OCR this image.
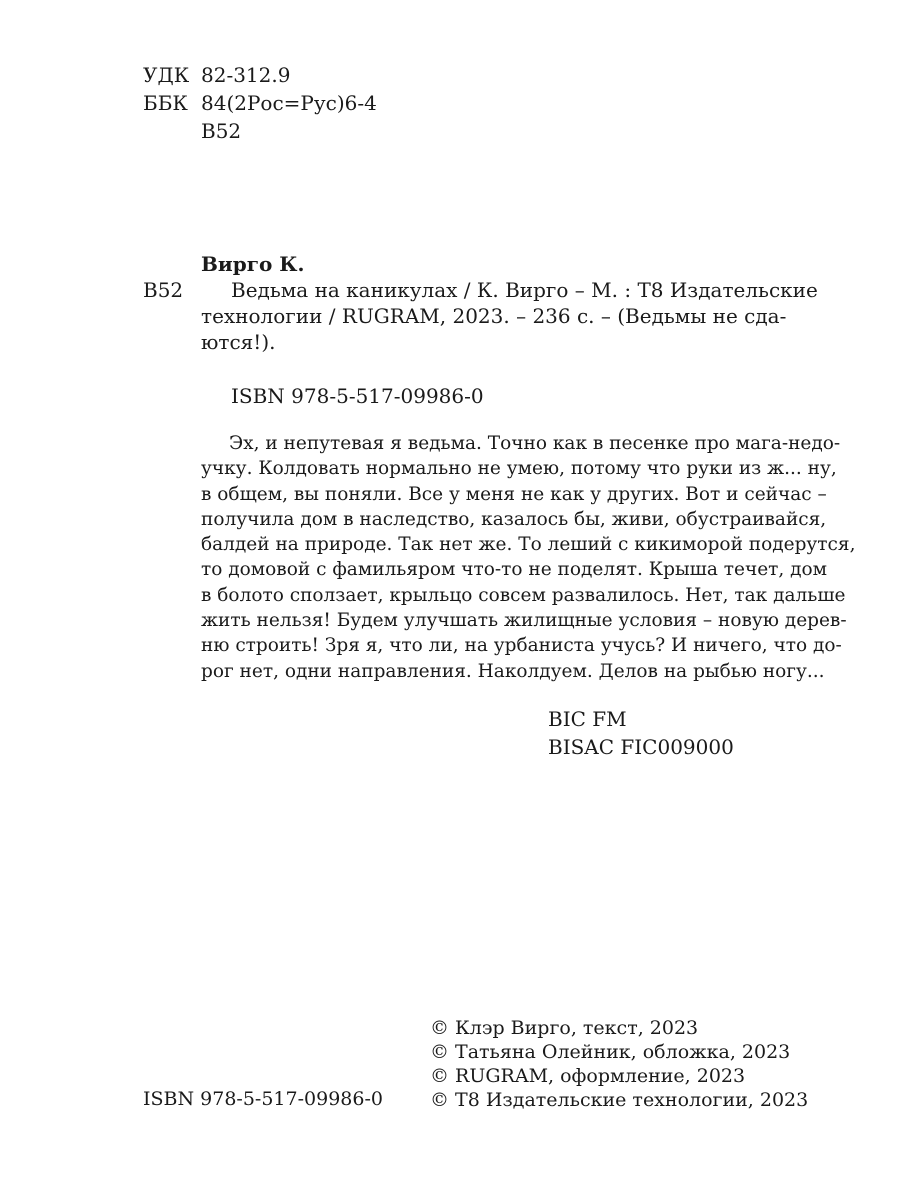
УДК 82-312.9
ББК 84(2Рос=Рус)6-4
В52
Вирго К.
В52 Ведьма на каникулах / К. Вирго – М. : Т8 Издательские
технологии / RUGRAM, 2023. – 236 с. – (Ведьмы не сда-
ются!).
ISBN 978-5-517-09986-0
Эх, и непутевая я ведьма. Точно как в песенке про мага-недо-
учку. Колдовать нормально не умею, потому что руки из ж... ну,
в общем, вы поняли. Все у меня не как у других. Вот и сейчас –
получила дом в наследство, казалось бы, живи, обустраивайся,
балдей на природе. Так нет же. То леший с кикиморой подерутся,
то домовой с фамильяром что-то не поделят. Крыша течет, дом
в болото сползает, крыльцо совсем развалилось. Нет, так дальше
жить нельзя! Будем улучшать жилищные условия – новую дерев-
ню строить! Зря я, что ли, на урбаниста учусь? И ничего, что до-
рог нет, одни направления. Наколдуем. Делов на рыбью ногу...
BIC FM
BISAC FIC009000
ISBN 978-5-517-09986-0
© Клэр Вирго, текст, 2023
© Татьяна Олейник, обложка, 2023
© RUGRAM, оформление, 2023
© Т8 Издательские технологии, 2023
